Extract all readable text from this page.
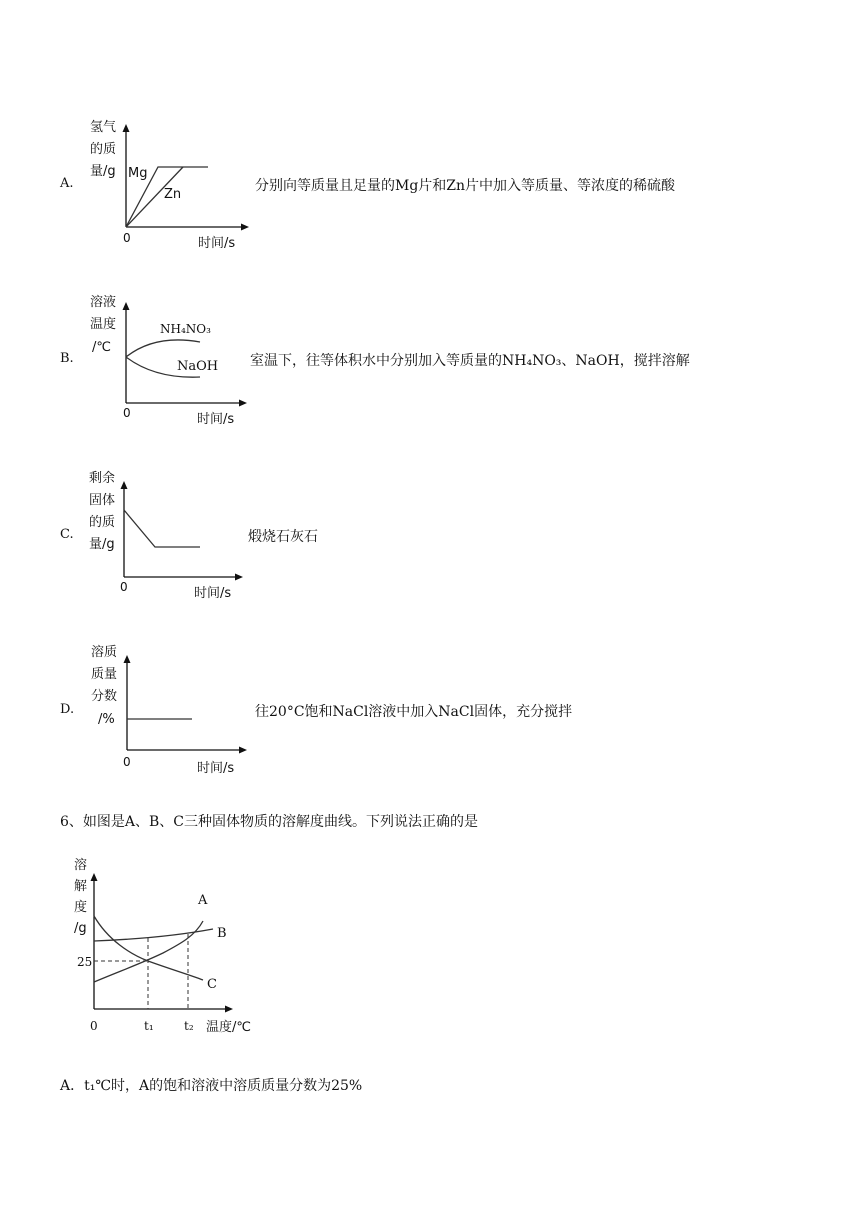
A.
氢气
的质
量/g Mg
Zn
0	时间/s
分别向等质量且足量的Mg片和Zn片中加入等质量、等浓度的稀硫酸
B.
溶液
温度
/℃
NH₄NO₃
NaOH
0	时间/s
室温下，往等体积水中分别加入等质量的NH₄NO₃、NaOH，搅拌溶解
C.
剩余
固体
的质
量/g
0	时间/s
煅烧石灰石
D.
溶质
质量
分数
/%
0	时间/s
往20°C饱和NaCl溶液中加入NaCl固体，充分搅拌
6、如图是A、B、C三种固体物质的溶解度曲线。下列说法正确的是
溶
解
度
/g
A
B
C
25
0	t₁	t₂ 温度/℃
A．t₁℃时，A的饱和溶液中溶质质量分数为25%
